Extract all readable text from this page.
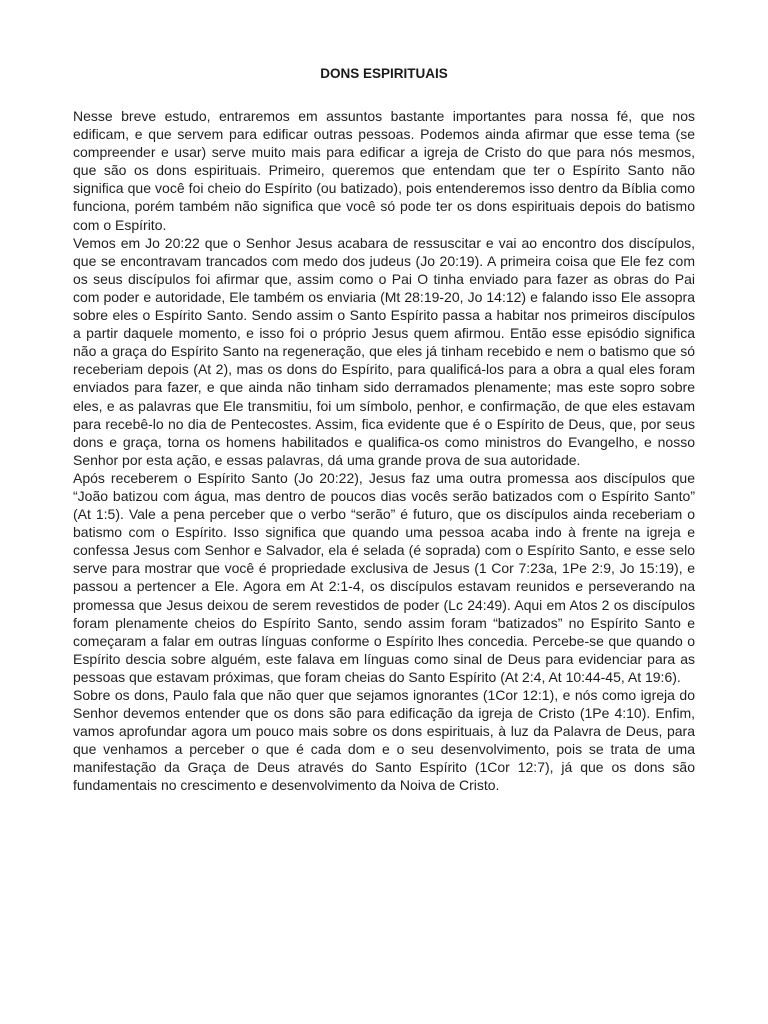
DONS ESPIRITUAIS

Nesse breve estudo, entraremos em assuntos bastante importantes para nossa fé, que nos edificam, e que servem para edificar outras pessoas. Podemos ainda afirmar que esse tema (se compreender e usar) serve muito mais para edificar a igreja de Cristo do que para nós mesmos, que são os dons espirituais. Primeiro, queremos que entendam que ter o Espírito Santo não significa que você foi cheio do Espírito (ou batizado), pois entenderemos isso dentro da Bíblia como funciona, porém também não significa que você só pode ter os dons espirituais depois do batismo com o Espírito.

Vemos em Jo 20:22 que o Senhor Jesus acabara de ressuscitar e vai ao encontro dos discípulos, que se encontravam trancados com medo dos judeus (Jo 20:19). A primeira coisa que Ele fez com os seus discípulos foi afirmar que, assim como o Pai O tinha enviado para fazer as obras do Pai com poder e autoridade, Ele também os enviaria (Mt 28:19-20, Jo 14:12) e falando isso Ele assopra sobre eles o Espírito Santo. Sendo assim o Santo Espírito passa a habitar nos primeiros discípulos a partir daquele momento, e isso foi o próprio Jesus quem afirmou. Então esse episódio significa não a graça do Espírito Santo na regeneração, que eles já tinham recebido e nem o batismo que só receberiam depois (At 2), mas os dons do Espírito, para qualificá-los para a obra a qual eles foram enviados para fazer, e que ainda não tinham sido derramados plenamente; mas este sopro sobre eles, e as palavras que Ele transmitiu, foi um símbolo, penhor, e confirmação, de que eles estavam para recebê-lo no dia de Pentecostes. Assim, fica evidente que é o Espírito de Deus, que, por seus dons e graça, torna os homens habilitados e qualifica-os como ministros do Evangelho, e nosso Senhor por esta ação, e essas palavras, dá uma grande prova de sua autoridade.

Após receberem o Espírito Santo (Jo 20:22), Jesus faz uma outra promessa aos discípulos que “João batizou com água, mas dentro de poucos dias vocês serão batizados com o Espírito Santo” (At 1:5). Vale a pena perceber que o verbo “serão” é futuro, que os discípulos ainda receberiam o batismo com o Espírito. Isso significa que quando uma pessoa acaba indo à frente na igreja e confessa Jesus com Senhor e Salvador, ela é selada (é soprada) com o Espírito Santo, e esse selo serve para mostrar que você é propriedade exclusiva de Jesus (1 Cor 7:23a, 1Pe 2:9, Jo 15:19), e passou a pertencer a Ele. Agora em At 2:1-4, os discípulos estavam reunidos e perseverando na promessa que Jesus deixou de serem revestidos de poder (Lc 24:49). Aqui em Atos 2 os discípulos foram plenamente cheios do Espírito Santo, sendo assim foram “batizados” no Espírito Santo e começaram a falar em outras línguas conforme o Espírito lhes concedia. Percebe-se que quando o Espírito descia sobre alguém, este falava em línguas como sinal de Deus para evidenciar para as pessoas que estavam próximas, que foram cheias do Santo Espírito (At 2:4, At 10:44-45, At 19:6).

Sobre os dons, Paulo fala que não quer que sejamos ignorantes (1Cor 12:1), e nós como igreja do Senhor devemos entender que os dons são para edificação da igreja de Cristo (1Pe 4:10). Enfim, vamos aprofundar agora um pouco mais sobre os dons espirituais, à luz da Palavra de Deus, para que venhamos a perceber o que é cada dom e o seu desenvolvimento, pois se trata de uma manifestação da Graça de Deus através do Santo Espírito (1Cor 12:7), já que os dons são fundamentais no crescimento e desenvolvimento da Noiva de Cristo.
